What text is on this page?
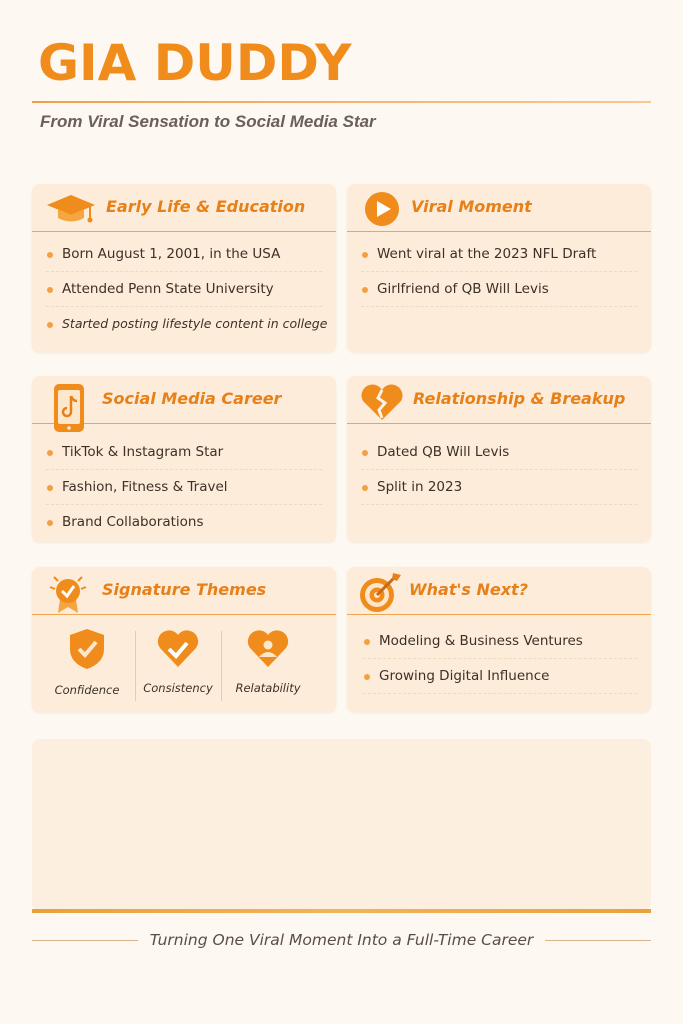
GIA DUDDY
From Viral Sensation to Social Media Star
Early Life & Education
Born August 1, 2001, in the USA
Attended Penn State University
Started posting lifestyle content in college
Viral Moment
Went viral at the 2023 NFL Draft
Girlfriend of QB Will Levis
Social Media Career
TikTok & Instagram Star
Fashion, Fitness & Travel
Brand Collaborations
Relationship & Breakup
Dated QB Will Levis
Split in 2023
Signature Themes
Confidence	Consistency	Relatability
What's Next?
Modeling & Business Ventures
Growing Digital Influence
Turning One Viral Moment Into a Full-Time Career
